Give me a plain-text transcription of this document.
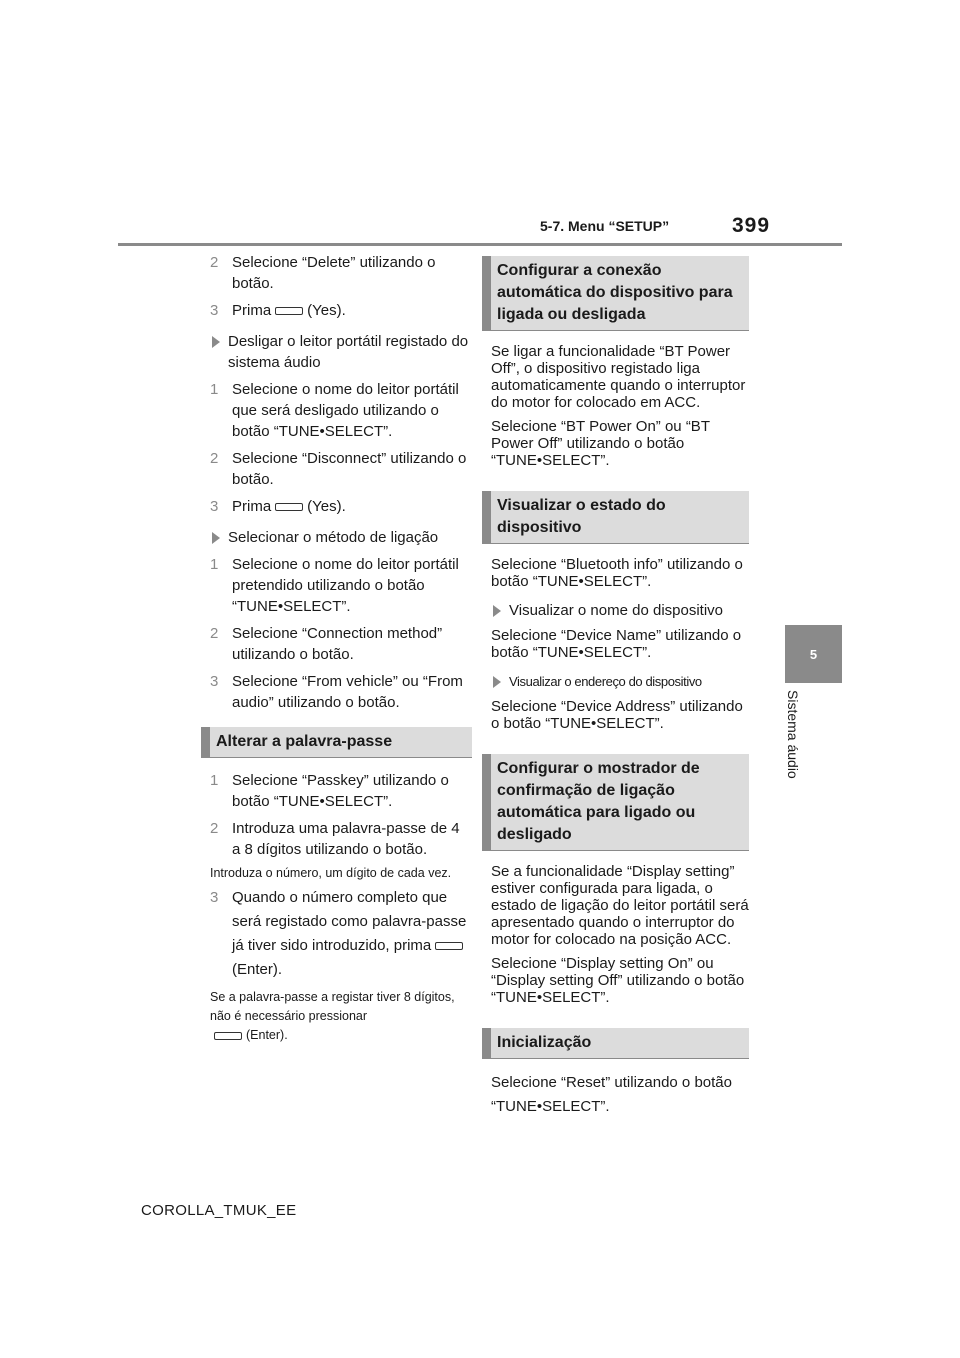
5-7. Menu “SETUP”	399
5
Sistema áudio
2 Selecione “Delete” utilizando o botão.
3 Prima (Yes).
Desligar o leitor portátil registado do sistema áudio
1 Selecione o nome do leitor portátil que será desligado utilizando o botão “TUNE•SELECT”.
2 Selecione “Disconnect” utilizando o botão.
3 Prima (Yes).
Selecionar o método de ligação
1 Selecione o nome do leitor portátil pretendido utilizando o botão “TUNE•SELECT”.
2 Selecione “Connection method” utilizando o botão.
3 Selecione “From vehicle” ou “From audio” utilizando o botão.
Alterar a palavra-passe
1 Selecione “Passkey” utilizando o botão “TUNE•SELECT”.
2 Introduza uma palavra-passe de 4 a 8 dígitos utilizando o botão.
Introduza o número, um dígito de cada vez.
3 Quando o número completo que será registado como palavra-passe já tiver sido introduzido, prima(Enter).
Se a palavra-passe a registar tiver 8 dígitos, não é necessário pressionar
(Enter).
Configurar a conexão automática do dispositivo para ligada ou desligada
Se ligar a funcionalidade “BT Power Off”, o dispositivo registado liga automaticamente quando o interruptor do motor for colocado em ACC.
Selecione “BT Power On” ou “BT Power Off” utilizando o botão “TUNE•SELECT”.
Visualizar o estado do dispositivo
Selecione “Bluetooth info” utilizando o botão “TUNE•SELECT”.
Visualizar o nome do dispositivo
Selecione “Device Name” utilizando o botão “TUNE•SELECT”.
Visualizar o endereço do dispositivo
Selecione “Device Address” utilizando o botão “TUNE•SELECT”.
Configurar o mostrador de confirmação de ligação automática para ligado ou desligado
Se a funcionalidade “Display setting” estiver configurada para ligada, o estado de ligação do leitor portátil será apresentado quando o interruptor do motor for colocado na posição ACC.
Selecione “Display setting On” ou “Display setting Off” utilizando o botão “TUNE•SELECT”.
Inicialização
Selecione “Reset” utilizando o botão “TUNE•SELECT”.
COROLLA_TMUK_EE
